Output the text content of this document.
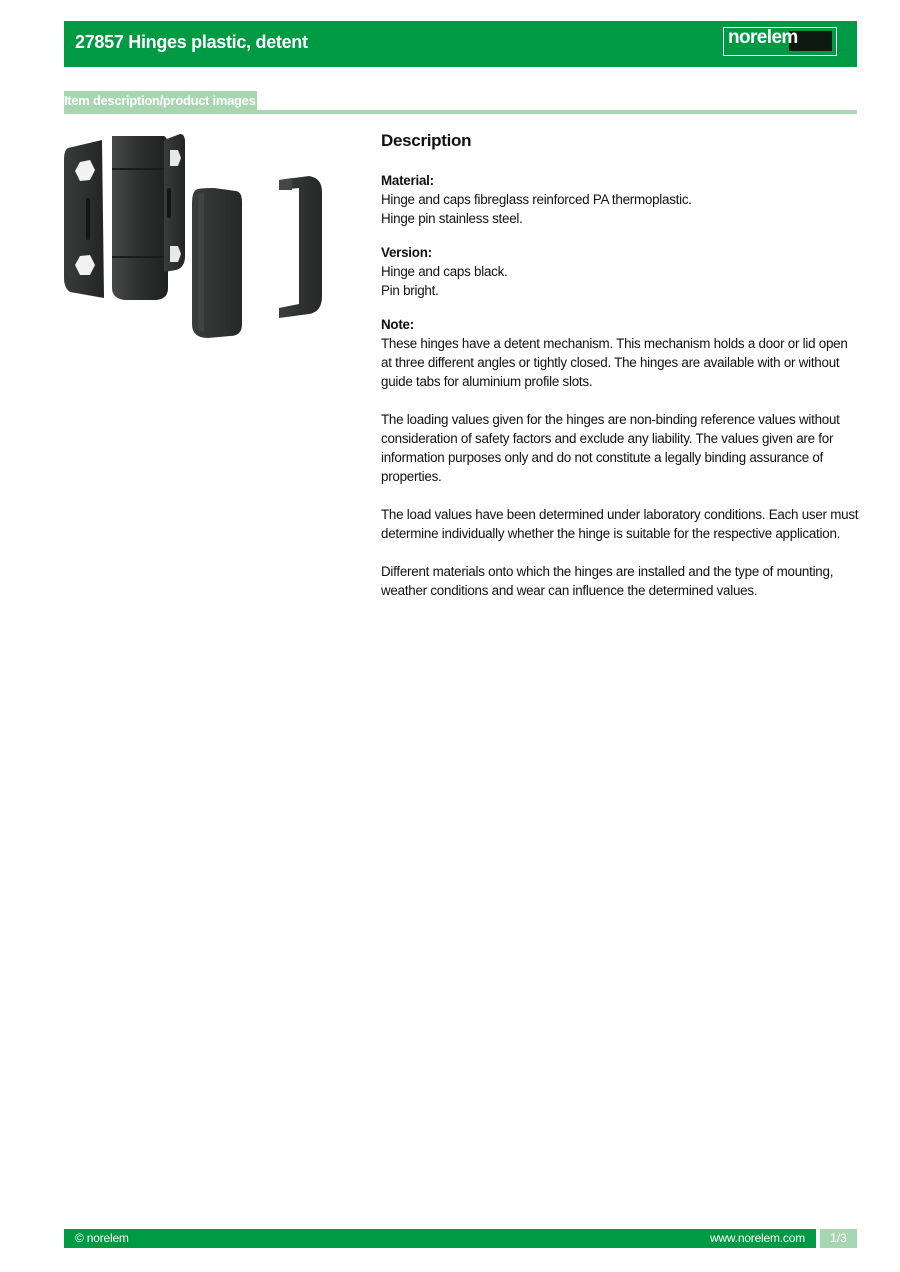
27857 Hinges plastic, detent	norelem
Item description/product images
Description
Material:
Hinge and caps fibreglass reinforced PA thermoplastic.
Hinge pin stainless steel.
Version:
Hinge and caps black.
Pin bright.
Note:
These hinges have a detent mechanism. This mechanism holds a door or lid open
at three different angles or tightly closed. The hinges are available with or without
guide tabs for aluminium profile slots.
The loading values given for the hinges are non-binding reference values without
consideration of safety factors and exclude any liability. The values given are for
information purposes only and do not constitute a legally binding assurance of
properties.
The load values have been determined under laboratory conditions. Each user must
determine individually whether the hinge is suitable for the respective application.
Different materials onto which the hinges are installed and the type of mounting,
weather conditions and wear can influence the determined values.
© norelem	www.norelem.com	1/3
